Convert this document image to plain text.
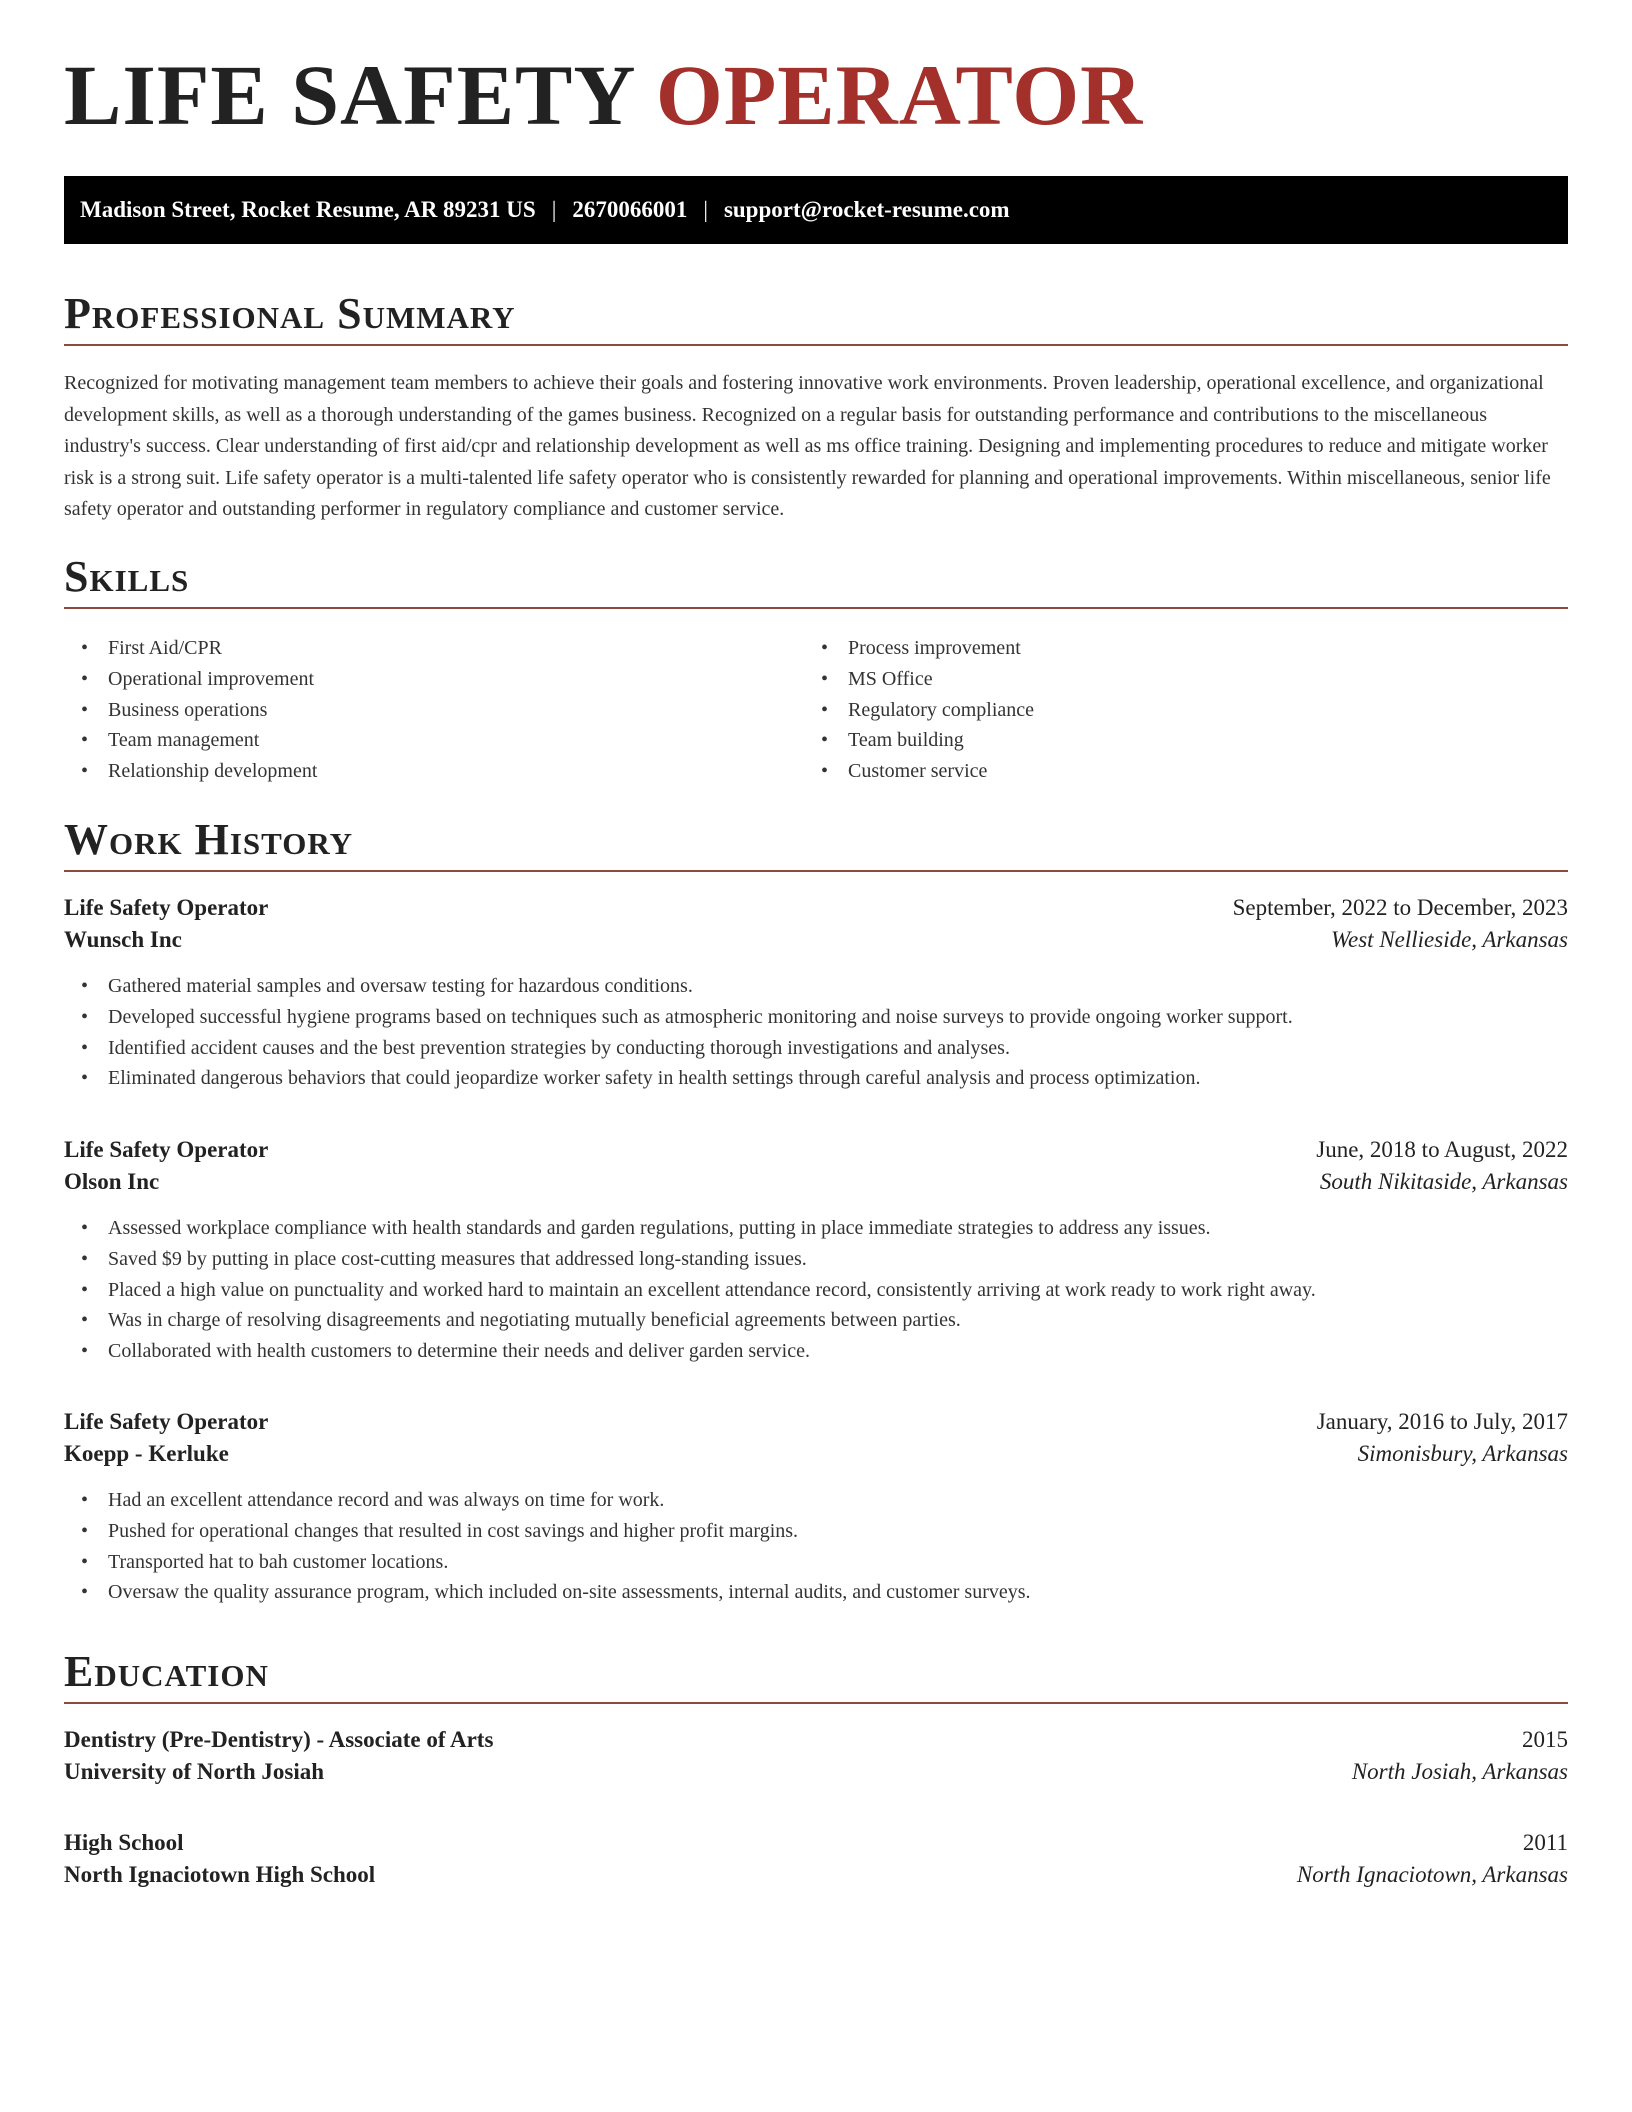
LIFE SAFETY OPERATOR
Madison Street, Rocket Resume, AR 89231 US | 2670066001 | support@rocket-resume.com
Professional Summary

Recognized for motivating management team members to achieve their goals and fostering innovative work environments. Proven leadership, operational excellence, and organizational development skills, as well as a thorough understanding of the games business. Recognized on a regular basis for outstanding performance and contributions to the miscellaneous industry's success. Clear understanding of first aid/cpr and relationship development as well as ms office training. Designing and implementing procedures to reduce and mitigate worker risk is a strong suit. Life safety operator is a multi-talented life safety operator who is consistently rewarded for planning and operational improvements. Within miscellaneous, senior life safety operator and outstanding performer in regulatory compliance and customer service.

Skills
• First Aid/CPR
• Operational improvement
• Business operations
• Team management
• Relationship development
• Process improvement
• MS Office
• Regulatory compliance
• Team building
• Customer service
Work History
Life Safety Operator	September, 2022 to December, 2023
Wunsch Inc	West Nellieside, Arkansas
• Gathered material samples and oversaw testing for hazardous conditions.
• Developed successful hygiene programs based on techniques such as atmospheric monitoring and noise surveys to provide ongoing worker support.
• Identified accident causes and the best prevention strategies by conducting thorough investigations and analyses.
• Eliminated dangerous behaviors that could jeopardize worker safety in health settings through careful analysis and process optimization.
Life Safety Operator	June, 2018 to August, 2022
Olson Inc	South Nikitaside, Arkansas
• Assessed workplace compliance with health standards and garden regulations, putting in place immediate strategies to address any issues.
• Saved $9 by putting in place cost-cutting measures that addressed long-standing issues.
• Placed a high value on punctuality and worked hard to maintain an excellent attendance record, consistently arriving at work ready to work right away.
• Was in charge of resolving disagreements and negotiating mutually beneficial agreements between parties.
• Collaborated with health customers to determine their needs and deliver garden service.
Life Safety Operator	January, 2016 to July, 2017
Koepp - Kerluke	Simonisbury, Arkansas
• Had an excellent attendance record and was always on time for work.
• Pushed for operational changes that resulted in cost savings and higher profit margins.
• Transported hat to bah customer locations.
• Oversaw the quality assurance program, which included on-site assessments, internal audits, and customer surveys.
Education
Dentistry (Pre-Dentistry) - Associate of Arts	2015
University of North Josiah	North Josiah, Arkansas
High School	2011
North Ignaciotown High School	North Ignaciotown, Arkansas
